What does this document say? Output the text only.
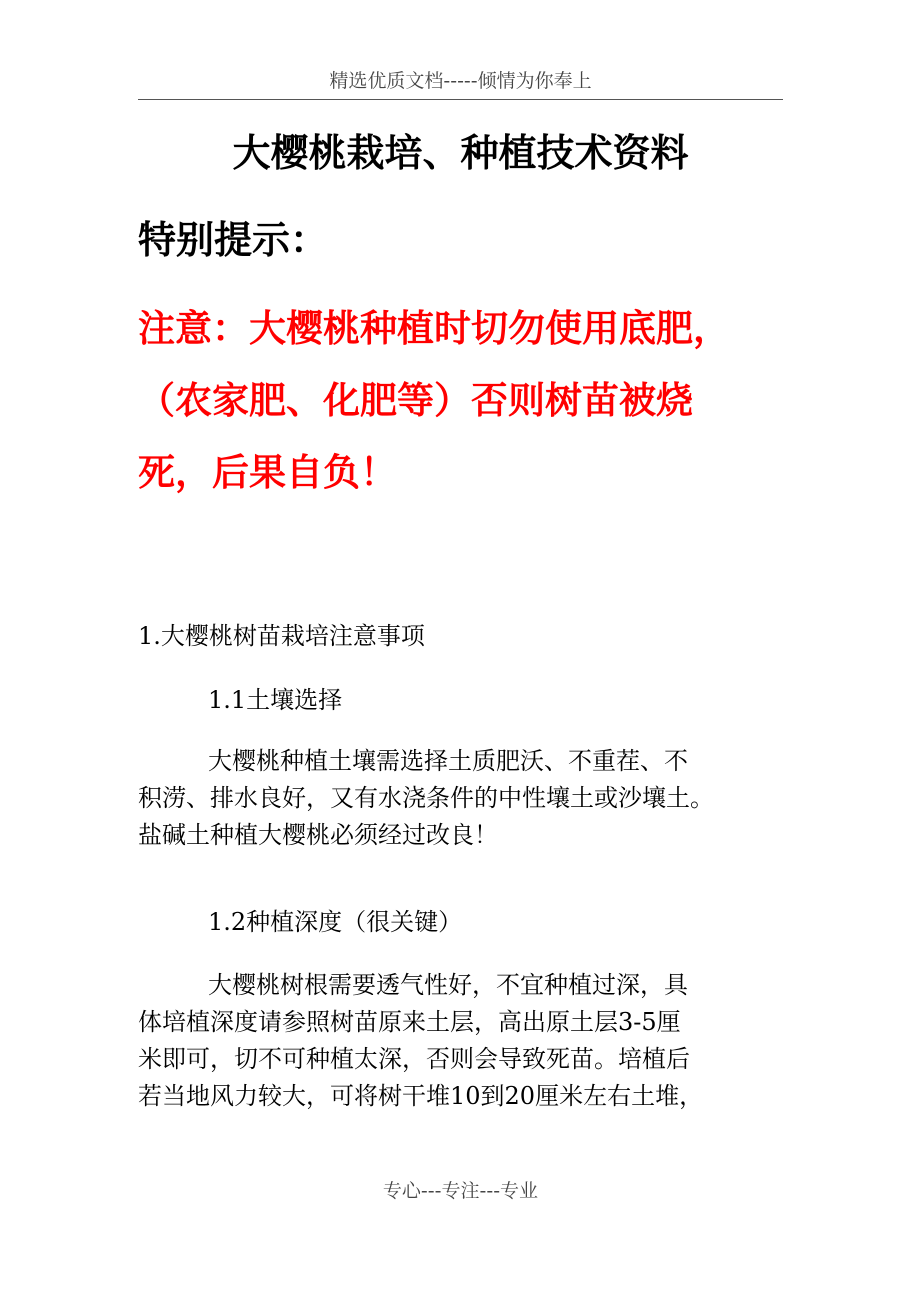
精选优质文档-----倾情为你奉上
大樱桃栽培、种植技术资料
特别提示：
注意：大樱桃种植时切勿使用底肥，
（农家肥、化肥等）否则树苗被烧
死，后果自负！
1.大樱桃树苗栽培注意事项
1.1土壤选择
大樱桃种植土壤需选择土质肥沃、不重茬、不
积涝、排水良好，又有水浇条件的中性壤土或沙壤土。
盐碱土种植大樱桃必须经过改良！
1.2种植深度（很关键）
大樱桃树根需要透气性好，不宜种植过深，具
体培植深度请参照树苗原来土层，高出原土层3-5厘
米即可，切不可种植太深，否则会导致死苗。培植后
若当地风力较大，可将树干堆10到20厘米左右土堆，
专心---专注---专业
